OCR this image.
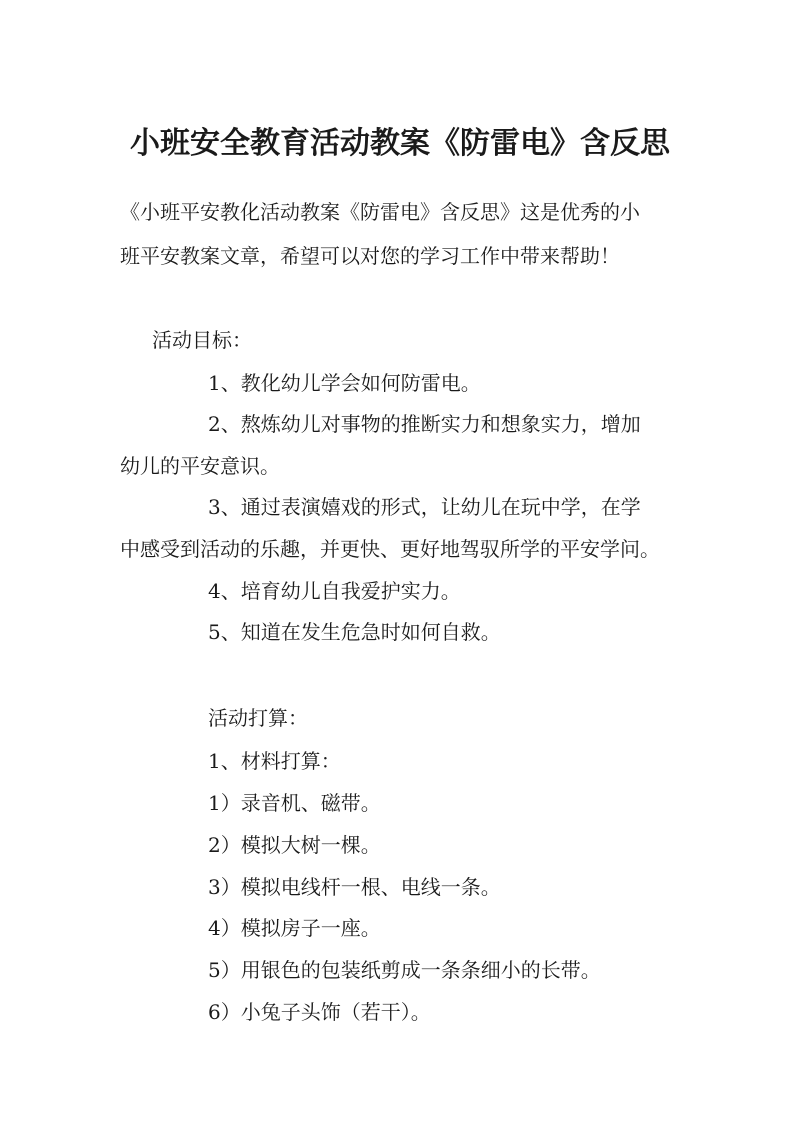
小班安全教育活动教案《防雷电》含反思
《小班平安教化活动教案《防雷电》含反思》这是优秀的小
班平安教案文章，希望可以对您的学习工作中带来帮助！
活动目标：
1、教化幼儿学会如何防雷电。
2、熬炼幼儿对事物的推断实力和想象实力，增加
幼儿的平安意识。
3、通过表演嬉戏的形式，让幼儿在玩中学，在学
中感受到活动的乐趣，并更快、更好地驾驭所学的平安学问。
4、培育幼儿自我爱护实力。
5、知道在发生危急时如何自救。
活动打算：
1、材料打算：
1）录音机、磁带。
2）模拟大树一棵。
3）模拟电线杆一根、电线一条。
4）模拟房子一座。
5）用银色的包装纸剪成一条条细小的长带。
6）小兔子头饰（若干）。
